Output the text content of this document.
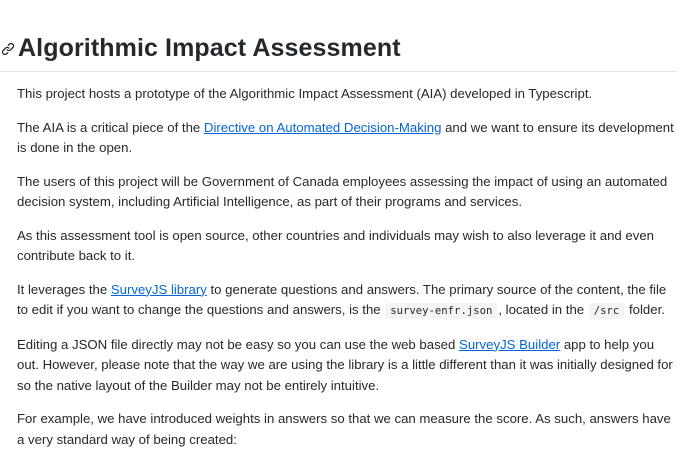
Algorithmic Impact Assessment

This project hosts a prototype of the Algorithmic Impact Assessment (AIA) developed in Typescript.

The AIA is a critical piece of the Directive on Automated Decision-Making and we want to ensure its development is done in the open.

The users of this project will be Government of Canada employees assessing the impact of using an automated decision system, including Artificial Intelligence, as part of their programs and services.

As this assessment tool is open source, other countries and individuals may wish to also leverage it and even contribute back to it.

It leverages the SurveyJS library to generate questions and answers. The primary source of the content, the file to edit if you want to change the questions and answers, is the survey-enfr.json , located in the /src folder.

Editing a JSON file directly may not be easy so you can use the web based SurveyJS Builder app to help you out. However, please note that the way we are using the library is a little different than it was initially designed for so the native layout of the Builder may not be entirely intuitive.

For example, we have introduced weights in answers so that we can measure the score. As such, answers have a very standard way of being created:
